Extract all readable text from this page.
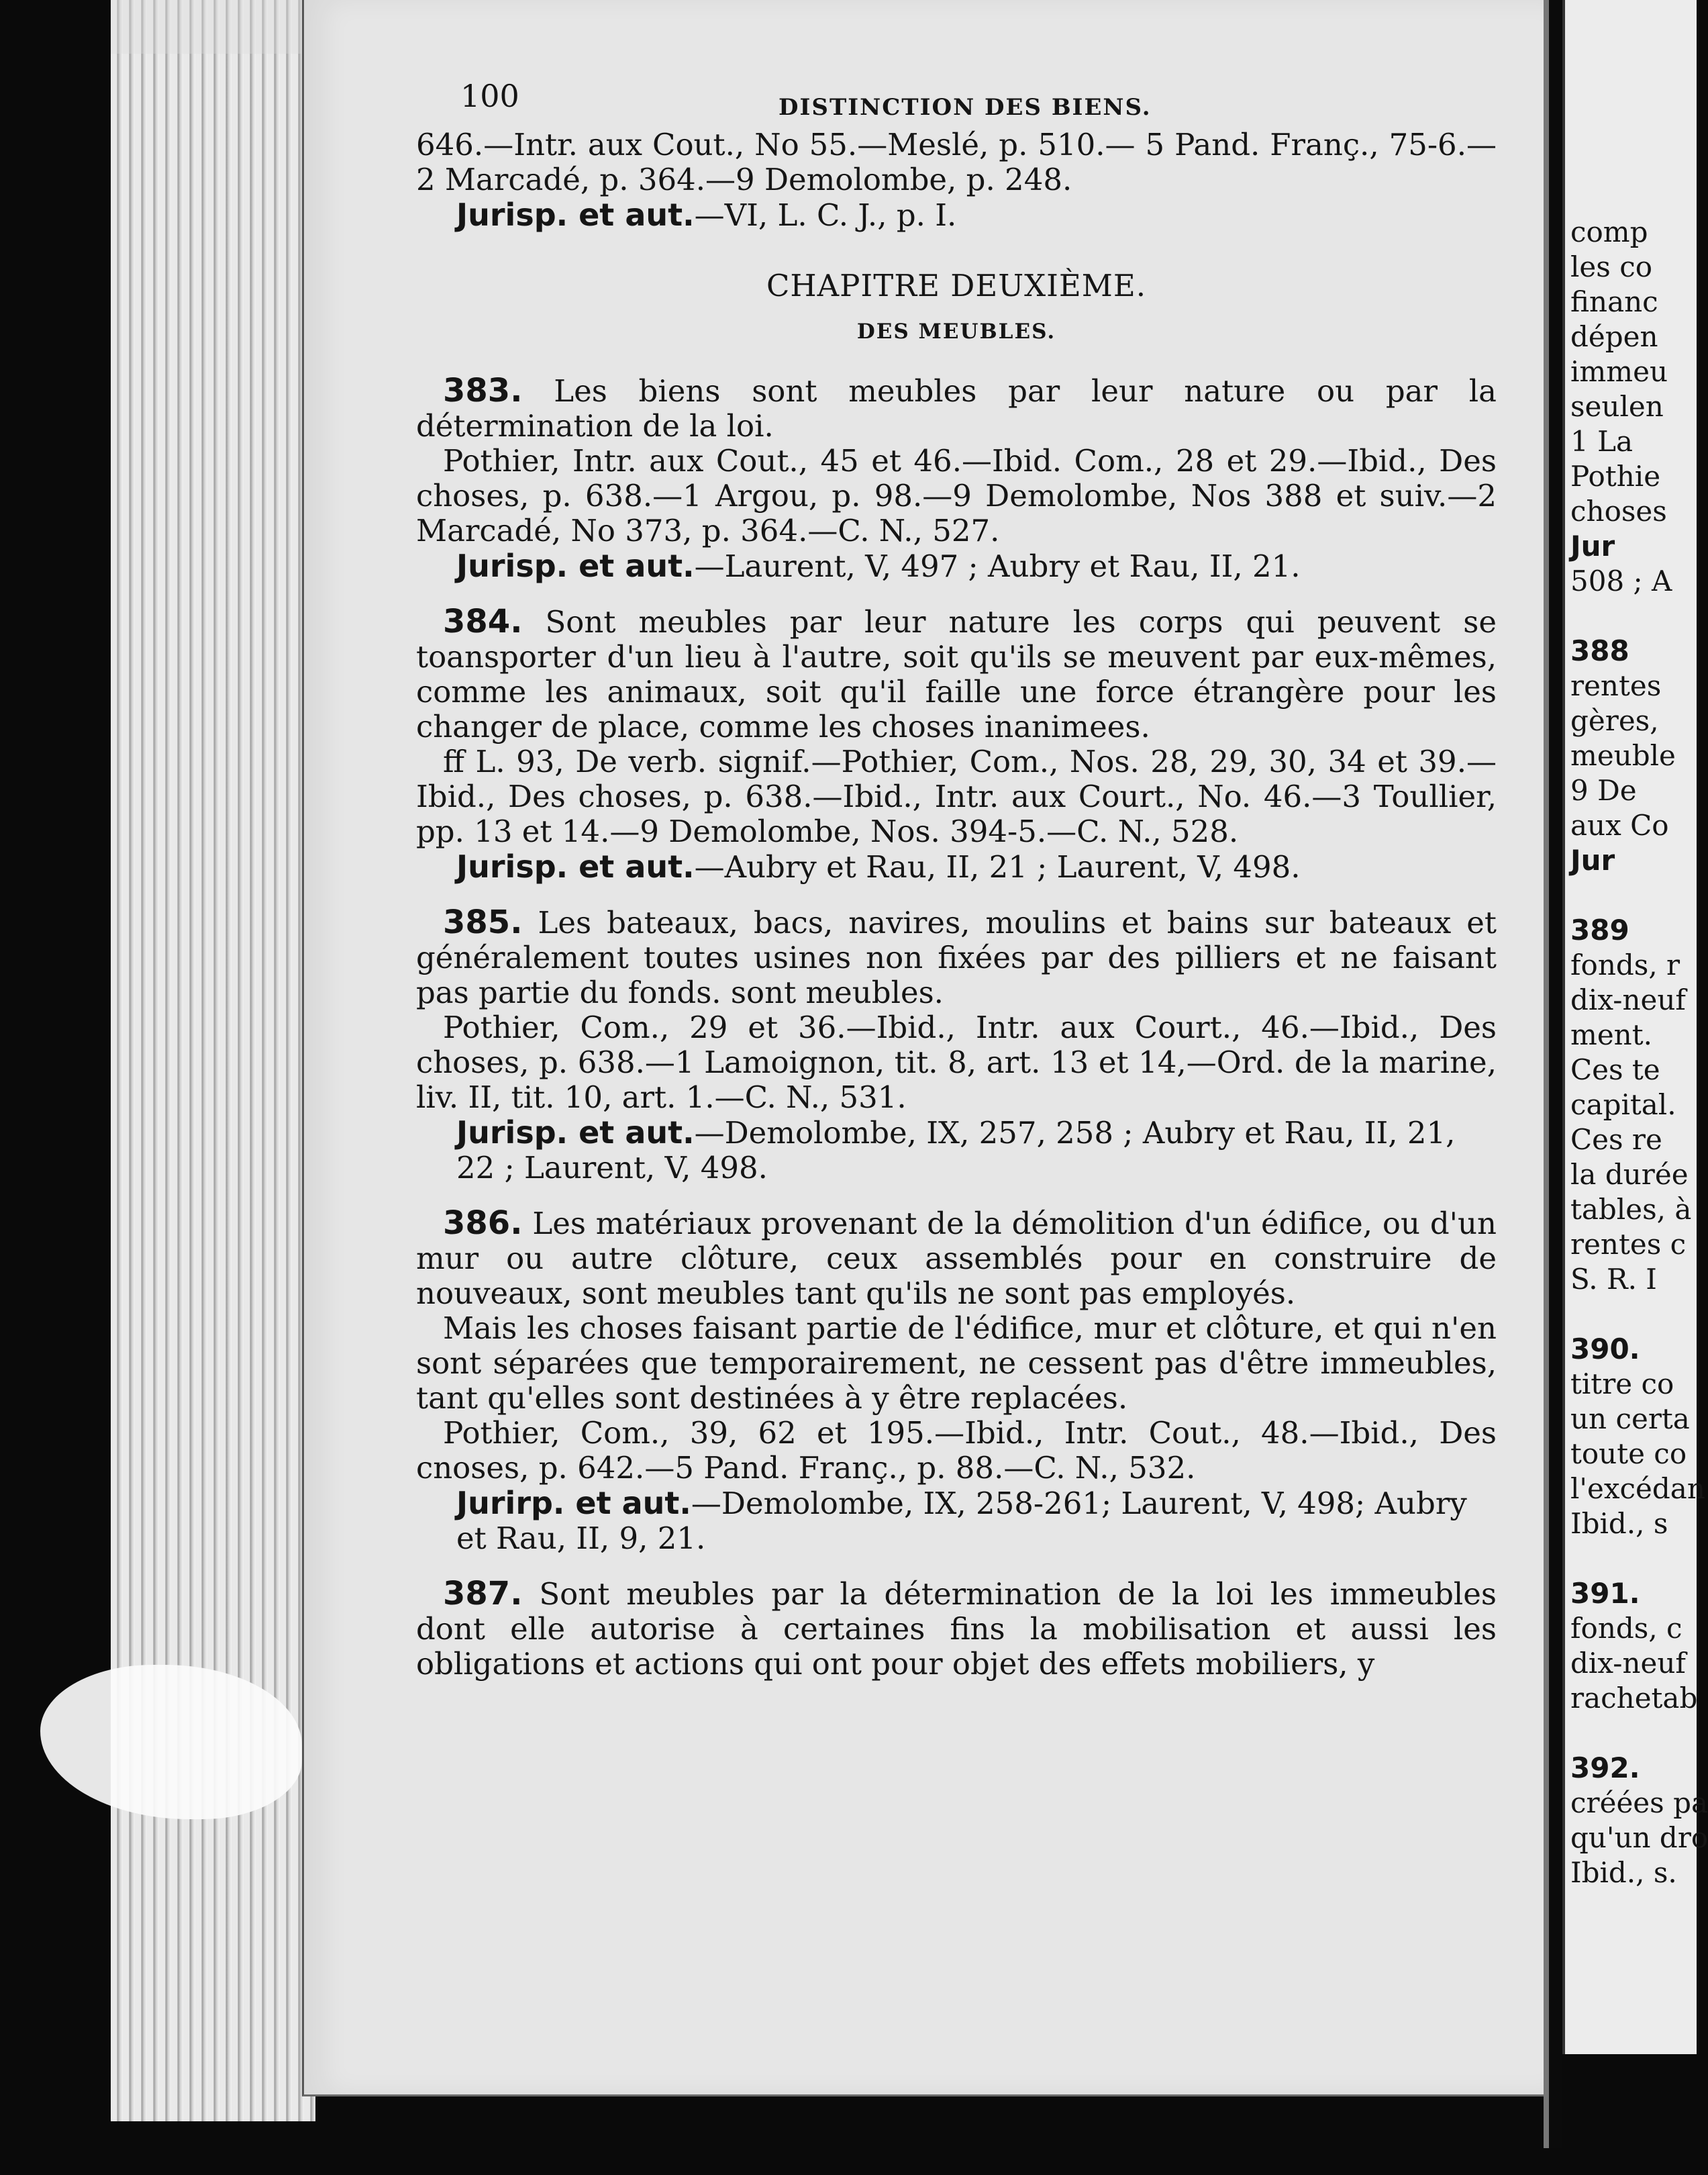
100	DISTINCTION DES BIENS.

646.—Intr. aux Cout., No 55.—Meslé, p. 510.— 5 Pand. Franç., 75-6.—2 Marcadé, p. 364.—9 Demolombe, p. 248.

Jurisp. et aut.—VI, L. C. J., p. I.

CHAPITRE DEUXIÈME.
DES MEUBLES.

383. Les biens sont meubles par leur nature ou par la détermination de la loi.

Pothier, Intr. aux Cout., 45 et 46.—Ibid. Com., 28 et 29.—Ibid., Des choses, p. 638.—1 Argou, p. 98.—9 Demolombe, Nos 388 et suiv.—2 Marcadé, No 373, p. 364.—C. N., 527.

Jurisp. et aut.—Laurent, V, 497 ; Aubry et Rau, II, 21.

384. Sont meubles par leur nature les corps qui peuvent se toansporter d'un lieu à l'autre, soit qu'ils se meuvent par eux-mêmes, comme les animaux, soit qu'il faille une force étrangère pour les changer de place, comme les choses inanimees.

ff L. 93, De verb. signif.—Pothier, Com., Nos. 28, 29, 30, 34 et 39.—Ibid., Des choses, p. 638.—Ibid., Intr. aux Court., No. 46.—3 Toullier, pp. 13 et 14.—9 Demolombe, Nos. 394-5.—C. N., 528.

Jurisp. et aut.—Aubry et Rau, II, 21 ; Laurent, V, 498.

385. Les bateaux, bacs, navires, moulins et bains sur bateaux et généralement toutes usines non fixées par des pilliers et ne faisant pas partie du fonds. sont meubles.

Pothier, Com., 29 et 36.—Ibid., Intr. aux Court., 46.—Ibid., Des choses, p. 638.—1 Lamoignon, tit. 8, art. 13 et 14,—Ord. de la marine, liv. II, tit. 10, art. 1.—C. N., 531.

Jurisp. et aut.—Demolombe, IX, 257, 258 ; Aubry et Rau, II, 21, 22 ; Laurent, V, 498.

386. Les matériaux provenant de la démolition d'un édifice, ou d'un mur ou autre clôture, ceux assemblés pour en construire de nouveaux, sont meubles tant qu'ils ne sont pas employés.

Mais les choses faisant partie de l'édifice, mur et clôture, et qui n'en sont séparées que temporairement, ne cessent pas d'être immeubles, tant qu'elles sont destinées à y être replacées.

Pothier, Com., 39, 62 et 195.—Ibid., Intr. Cout., 48.—Ibid., Des cnoses, p. 642.—5 Pand. Franç., p. 88.—C. N., 532.

Jurirp. et aut.—Demolombe, IX, 258-261; Laurent, V, 498; Aubry et Rau, II, 9, 21.

387. Sont meubles par la détermination de la loi les immeubles dont elle autorise à certaines fins la mobilisation et aussi les obligations et actions qui ont pour objet des effets mobiliers, y

comp
les co
financ
dépen
immeu
seulen
1 La
Pothie
choses
Jur
508 ; A

388
rentes
gères,
meuble
9 De
aux Co
Jur

389
fonds, r
dix-neuf
ment.
Ces te
capital.
Ces re
la durée
tables, à
rentes c
S. R. I

390.
titre co
un certa
toute co
l'excédan
Ibid., s

391.
fonds, c
dix-neuf
rachetab

392.
créées pa
qu'un dro
Ibid., s.
